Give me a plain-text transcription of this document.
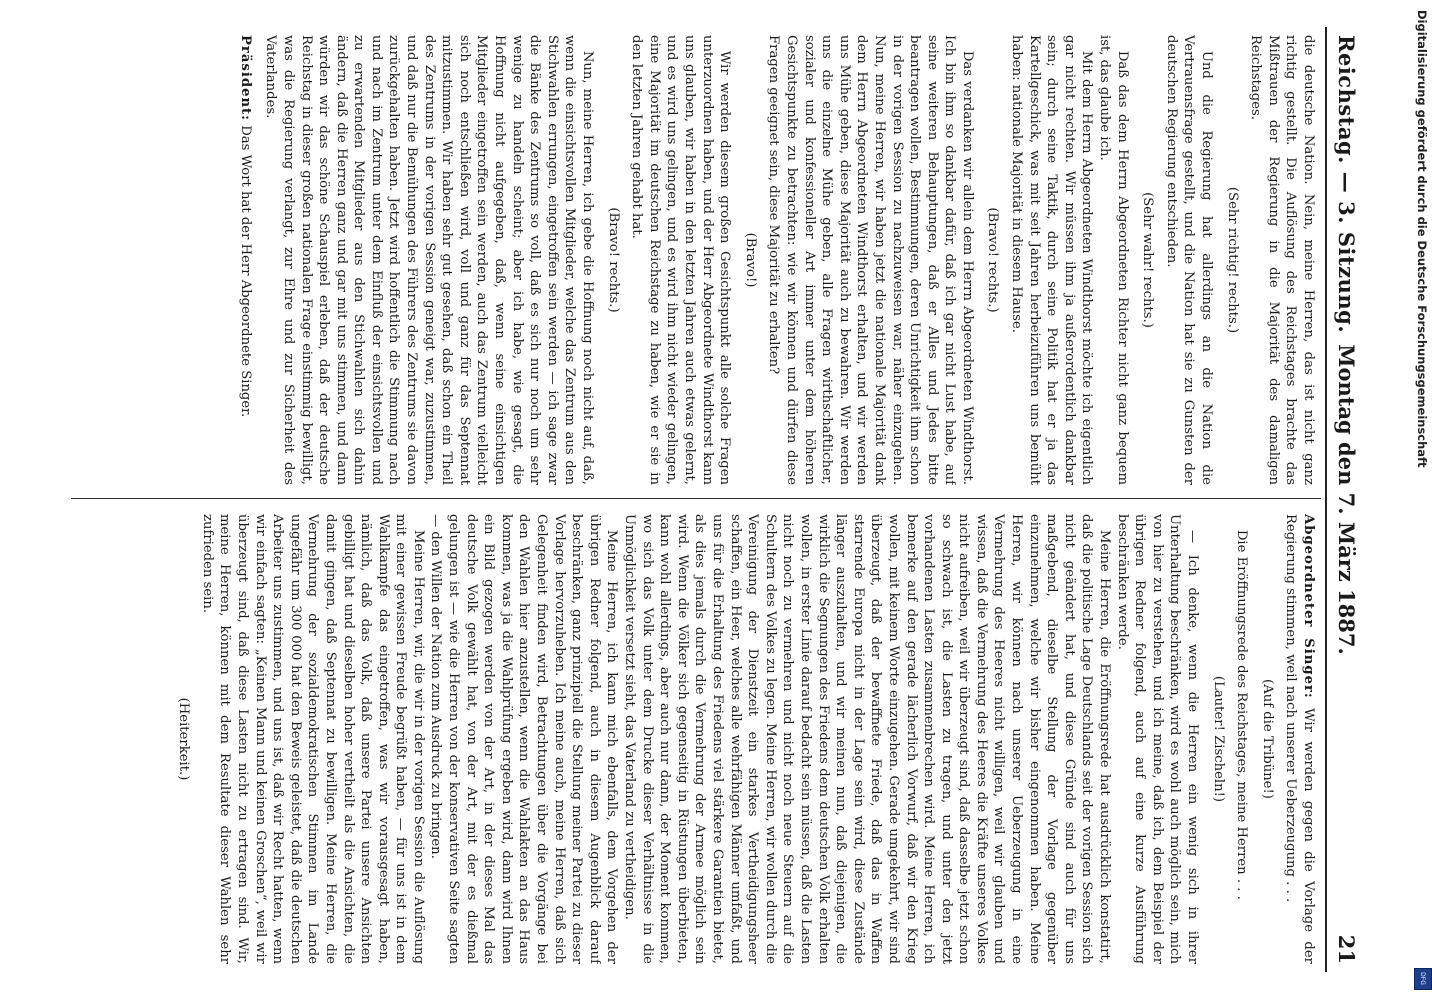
Reichstag. — 3. Sitzung.
Montag den 7. März 1887.
21

die deutsche Nation. Nein, meine Herren, das ist nicht ganz richtig gestellt. Die Auflösung des Reichstages brachte das Mißtrauen der Regierung in die Majorität des damaligen Reichstages.

(Sehr richtig! rechts.)

Und die Regierung hat allerdings an die Nation die Vertrauensfrage gestellt, und die Nation hat sie zu Gunsten der deutschen Regierung entschieden.

(Sehr wahr! rechts.)

Daß das dem Herrn Abgeordneten Richter nicht ganz bequem ist, das glaube ich.

Mit dem Herrn Abgeordneten Windthorst möchte ich eigentlich gar nicht rechten. Wir müssen ihm ja außerordentlich dankbar sein; durch seine Taktik, durch seine Politik hat er ja das Kartellgeschick, was mit seit Jahren herbeizuführen uns bemüht haben: nationale Majorität in diesem Hause.

(Bravo! rechts.)

Das verdanken wir allein dem Herrn Abgeordneten Windthorst. Ich bin ihm so dankbar dafür, daß ich gar nicht Lust habe, auf seine weiteren Behauptungen, daß er Alles und Jedes bitte beantragen wollen, Bestimmungen, deren Unrichtigkeit ihm schon in der vorigen Session zu nachzuweisen war, näher einzugehen. Nun, meine Herren, wir haben jetzt die nationale Majorität dank dem Herrn Abgeordneten Windthorst erhalten, und wir werden uns Mühe geben, diese Majorität auch zu bewahren. Wir werden uns die einzelne Mühe geben, alle Fragen wirthschaftlicher, sozialer und konfessioneller Art immer unter dem höheren Gesichtspunkte zu betrachten: wie wir können und dürfen diese Fragen geeignet sein, diese Majorität zu erhalten?

(Bravo!)

Wir werden diesem großen Gesichtspunkt alle solche Fragen unterzuordnen haben, und der Herr Abgeordnete Windthorst kann uns glauben, wir haben in den letzten Jahren auch etwas gelernt, und es wird uns gelingen, und es wird ihm nicht wieder gelingen, eine Majorität im deutschen Reichstage zu haben, wie er sie in den letzten Jahren gehabt hat.

(Bravo! rechts.)

Nun, meine Herren, ich gebe die Hoffnung noch nicht auf, daß, wenn die einsichtsvollen Mitglieder, welche das Zentrum aus den Stichwahlen errungen, eingetroffen sein werden — ich sage zwar die Bänke des Zentrums so voll, daß es sich nur noch um sehr wenige zu handeln scheint; aber ich habe, wie gesagt, die Hoffnung nicht aufgegeben, daß, wenn seine einsichtigen Mitglieder eingetroffen sein werden, auch das Zentrum vielleicht sich noch entschließen wird, voll und ganz für das Septennat mitzustimmen. Wir haben sehr gut gesehen, daß schon ein Theil des Zentrums in der vorigen Session geneigt war, zuzustimmen, und daß nur die Bemühungen des Führers des Zentrums sie davon zurückgehalten haben. Jetzt wird hoffentlich die Stimmung nach und nach im Zentrum unter dem Einfluß der einsichtsvollen und zu erwartenden Mitglieder aus den Stichwahlen sich dahin ändern, daß die Herren ganz und gar mit uns stimmen, und dann würden wir das schöne Schauspiel erleben, daß der deutsche Reichstag in dieser großen nationalen Frage einstimmig bewilligt, was die Regierung verlangt, zur Ehre und zur Sicherheit des Vaterlandes.

Präsident: Das Wort hat der Herr Abgeordnete Singer.

Abgeordneter Singer: Wir werden gegen die Vorlage der Regierung stimmen, weil nach unserer Ueberzeugung . . .

(Auf die Tribüne!)

Die Eröffnungsrede des Reichstages, meine Herren . . .

(Lauter! Zischeln!)

— Ich denke, wenn die Herren ein wenig sich in ihrer Unterhaltung beschränken, wird es wohl auch möglich sein, mich von hier zu verstehen, und ich meine, daß ich, dem Beispiel der übrigen Redner folgend, auch auf eine kurze Ausführung beschränken werde.

Meine Herren, die Eröffnungsrede hat ausdrücklich konstatirt, daß die politische Lage Deutschlands seit der vorigen Session sich nicht geändert hat, und diese Gründe sind auch für uns maßgebend, dieselbe Stellung der Vorlage gegenüber einzunehmen, welche wir bisher eingenommen haben. Meine Herren, wir können nach unserer Ueberzeugung in eine Vermehrung des Heeres nicht willigen, weil wir glauben und wissen, daß die Vermehrung des Heeres die Kräfte unseres Volkes nicht aufreiben, weil wir überzeugt sind, daß dasselbe jetzt schon so schwach ist, die Lasten zu tragen, und unter den jetzt vorhandenen Lasten zusammenbrechen wird. Meine Herren, ich bemerke auf den gerade lächerlich Vorwurf, daß wir den Krieg wollen, mit keinem Worte einzugehen. Gerade umgekehrt, wir sind überzeugt, daß der bewaffnete Friede, daß das in Waffen starrende Europa nicht in der Lage sein wird, diese Zustände länger auszuhalten, und wir meinen nun, daß diejenigen, die wirklich die Segnungen des Friedens dem deutschen Volk erhalten wollen, in erster Linie darauf bedacht sein müssen, daß die Lasten nicht noch zu vermehren und nicht noch neue Steuern auf die Schultern des Volkes zu legen. Meine Herren, wir wollen durch die Vereinigung der Dienstzeit ein starkes Vertheidigungsheer schaffen, ein Heer, welches alle wehrfähigen Männer umfaßt, und uns für die Erhaltung des Friedens viel stärkere Garantien bietet, als dies jemals durch die Vermehrung der Armee möglich sein wird. Wenn die Völker sich gegenseitig in Rüstungen überbieten, kann wohl allerdings, aber auch nur dann, der Moment kommen, wo sich das Volk unter dem Drucke dieser Verhältnisse in die Unmöglichkeit versetzt sieht, das Vaterland zu vertheidigen.

Meine Herren, ich kann mich ebenfalls, dem Vorgehen der übrigen Redner folgend, auch in diesem Augenblick darauf beschränken, ganz prinzipiell die Stellung meiner Partei zu dieser Vorlage hervorzuheben. Ich meine auch, meine Herren, daß sich Gelegenheit finden wird, Betrachtungen über die Vorgänge bei den Wahlen hier anzustellen, wenn die Wahlakten an das Haus kommen, was ja die Wahlprüfung ergeben wird, dann wird Ihnen ein Bild gezogen werden von der Art, in der dieses Mal das deutsche Volk gewählt hat, von der Art, mit der es dießmal gelungen ist — wie die Herren von der konservativen Seite sagten — den Willen der Nation zum Ausdruck zu bringen.

Meine Herren, wir, die wir in der vorigen Session die Auflösung mit einer gewissen Freude begrüßt haben, — für uns ist in dem Wahlkampfe das eingetroffen, was wir vorausgesagt haben, nämlich, daß das Volk, daß unsere Partei unsere Ansichten gebilligt hat und dieselben hoher vertheilt als die Ansichten, die damit gingen, daß Septennat zu bewilligen. Meine Herren, die Vermehrung der sozialdemokratischen Stimmen im Lande ungefähr um 300 000 hat den Beweis geleistet, daß die deutschen Arbeiter uns zustimmen, und uns ist, daß wir Recht hatten, wenn wir einfach sagten: „Keinen Mann und keinen Groschen“, weil wir überzeugt sind, daß diese Lasten nicht zu ertragen sind. Wir, meine Herren, können mit dem Resultate dieser Wahlen sehr zufrieden sein.

(Heiterkeit.)

Digitalisierung gefördert durch die Deutsche Forschungsgemeinschaft
DFG
